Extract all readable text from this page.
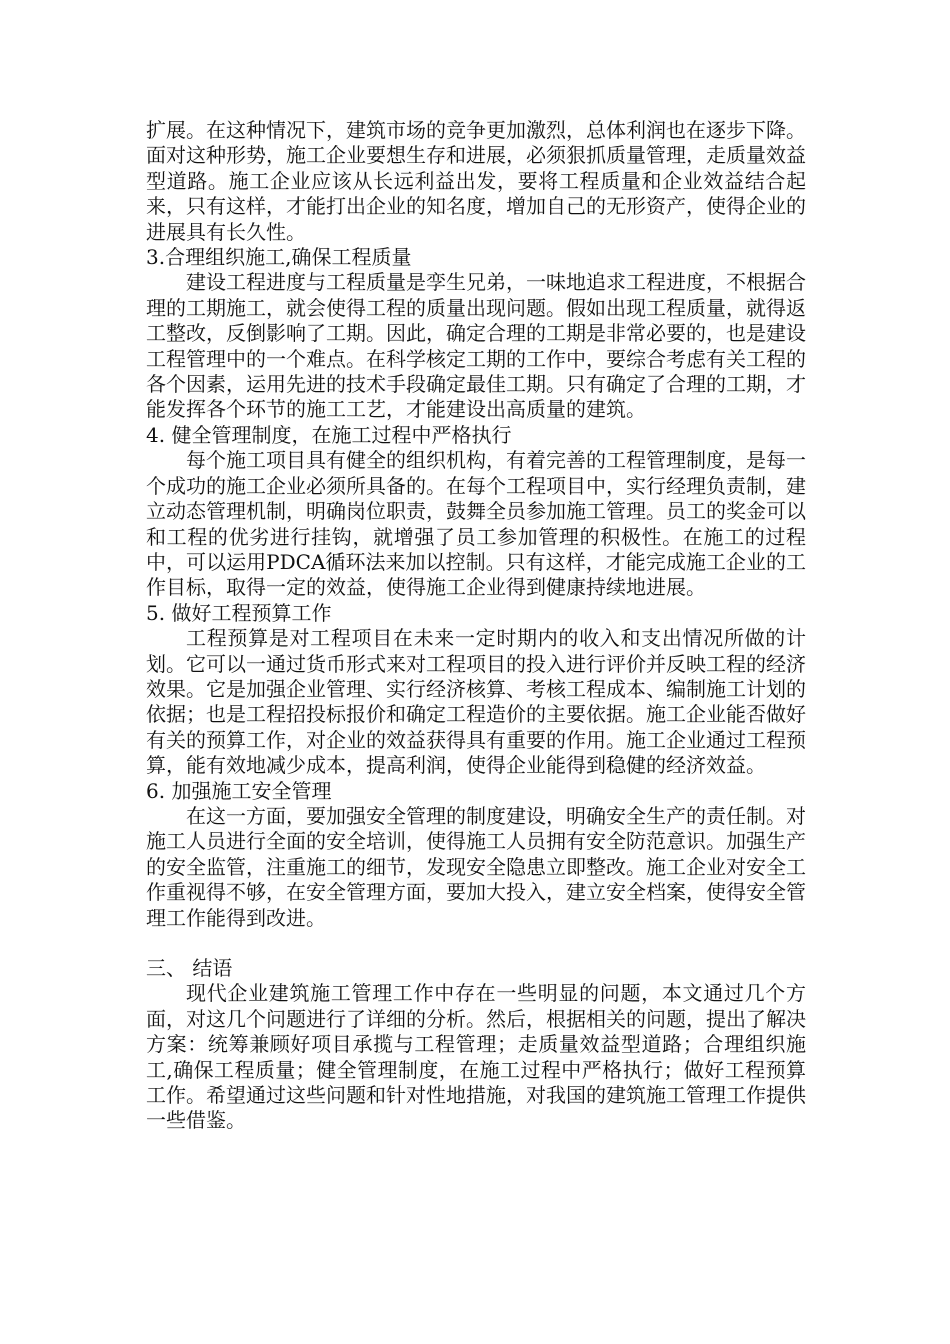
扩展。在这种情况下，建筑市场的竞争更加激烈，总体利润也在逐步下降。面对这种形势，施工企业要想生存和进展，必须狠抓质量管理，走质量效益型道路。施工企业应该从长远利益出发，要将工程质量和企业效益结合起来，只有这样，才能打出企业的知名度，增加自己的无形资产，使得企业的进展具有长久性。

3.合理组织施工,确保工程质量

建设工程进度与工程质量是孪生兄弟，一味地追求工程进度，不根据合理的工期施工，就会使得工程的质量出现问题。假如出现工程质量，就得返工整改，反倒影响了工期。因此，确定合理的工期是非常必要的，也是建设工程管理中的一个难点。在科学核定工期的工作中，要综合考虑有关工程的各个因素，运用先进的技术手段确定最佳工期。只有确定了合理的工期，才能发挥各个环节的施工工艺，才能建设出高质量的建筑。

4. 健全管理制度，在施工过程中严格执行

每个施工项目具有健全的组织机构，有着完善的工程管理制度，是每一个成功的施工企业必须所具备的。在每个工程项目中，实行经理负责制，建立动态管理机制，明确岗位职责，鼓舞全员参加施工管理。员工的奖金可以和工程的优劣进行挂钩，就增强了员工参加管理的积极性。在施工的过程中，可以运用PDCA循环法来加以控制。只有这样，才能完成施工企业的工作目标，取得一定的效益，使得施工企业得到健康持续地进展。

5. 做好工程预算工作

工程预算是对工程项目在未来一定时期内的收入和支出情况所做的计划。它可以一通过货币形式来对工程项目的投入进行评价并反映工程的经济效果。它是加强企业管理、实行经济核算、考核工程成本、编制施工计划的依据；也是工程招投标报价和确定工程造价的主要依据。施工企业能否做好有关的预算工作，对企业的效益获得具有重要的作用。施工企业通过工程预算，能有效地减少成本，提高利润，使得企业能得到稳健的经济效益。

6. 加强施工安全管理

在这一方面，要加强安全管理的制度建设，明确安全生产的责任制。对施工人员进行全面的安全培训，使得施工人员拥有安全防范意识。加强生产的安全监管，注重施工的细节，发现安全隐患立即整改。施工企业对安全工作重视得不够，在安全管理方面，要加大投入，建立安全档案，使得安全管理工作能得到改进。

三、 结语

现代企业建筑施工管理工作中存在一些明显的问题，本文通过几个方面，对这几个问题进行了详细的分析。然后，根据相关的问题，提出了解决方案：统筹兼顾好项目承揽与工程管理；走质量效益型道路；合理组织施工,确保工程质量；健全管理制度，在施工过程中严格执行；做好工程预算工作。希望通过这些问题和针对性地措施，对我国的建筑施工管理工作提供一些借鉴。
